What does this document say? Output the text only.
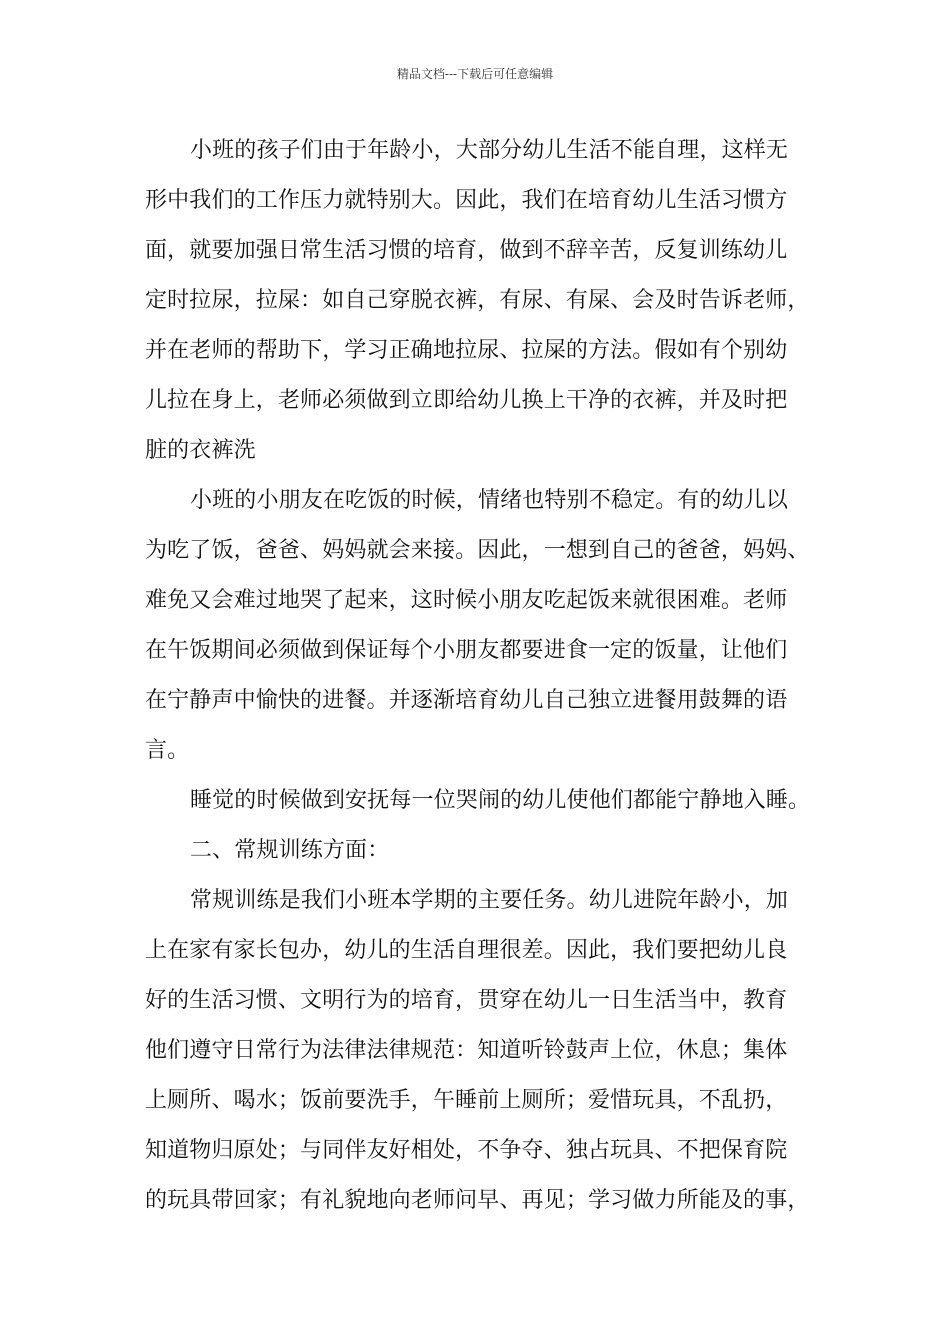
精品文档---下载后可任意编辑
小班的孩子们由于年龄小，大部分幼儿生活不能自理，这样无
形中我们的工作压力就特别大。因此，我们在培育幼儿生活习惯方
面，就要加强日常生活习惯的培育，做到不辞辛苦，反复训练幼儿
定时拉尿，拉屎：如自己穿脱衣裤，有尿、有屎、会及时告诉老师，
并在老师的帮助下，学习正确地拉尿、拉屎的方法。假如有个别幼
儿拉在身上，老师必须做到立即给幼儿换上干净的衣裤，并及时把
脏的衣裤洗
小班的小朋友在吃饭的时候，情绪也特别不稳定。有的幼儿以
为吃了饭，爸爸、妈妈就会来接。因此，一想到自己的爸爸，妈妈、
难免又会难过地哭了起来，这时候小朋友吃起饭来就很困难。老师
在午饭期间必须做到保证每个小朋友都要进食一定的饭量，让他们
在宁静声中愉快的进餐。并逐渐培育幼儿自己独立进餐用鼓舞的语
言。
睡觉的时候做到安抚每一位哭闹的幼儿使他们都能宁静地入睡。
二、常规训练方面：
常规训练是我们小班本学期的主要任务。幼儿进院年龄小，加
上在家有家长包办，幼儿的生活自理很差。因此，我们要把幼儿良
好的生活习惯、文明行为的培育，贯穿在幼儿一日生活当中，教育
他们遵守日常行为法律法律规范：知道听铃鼓声上位，休息；集体
上厕所、喝水；饭前要洗手，午睡前上厕所；爱惜玩具，不乱扔，
知道物归原处；与同伴友好相处，不争夺、独占玩具、不把保育院
的玩具带回家；有礼貌地向老师问早、再见；学习做力所能及的事，
